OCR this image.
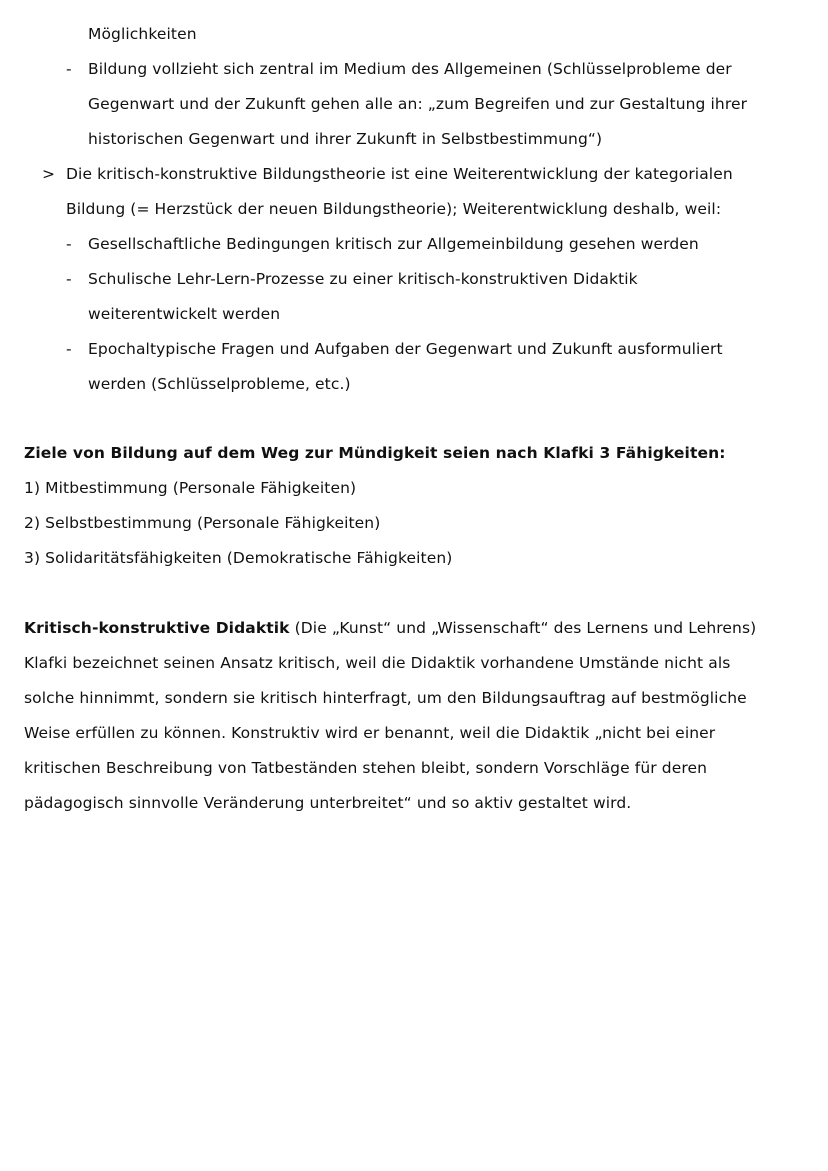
Möglichkeiten
- Bildung vollzieht sich zentral im Medium des Allgemeinen (Schlüsselprobleme der
Gegenwart und der Zukunft gehen alle an: „zum Begreifen und zur Gestaltung ihrer
historischen Gegenwart und ihrer Zukunft in Selbstbestimmung“)
> Die kritisch-konstruktive Bildungstheorie ist eine Weiterentwicklung der kategorialen
Bildung (= Herzstück der neuen Bildungstheorie); Weiterentwicklung deshalb, weil:
- Gesellschaftliche Bedingungen kritisch zur Allgemeinbildung gesehen werden
- Schulische Lehr-Lern-Prozesse zu einer kritisch-konstruktiven Didaktik
weiterentwickelt werden
- Epochaltypische Fragen und Aufgaben der Gegenwart und Zukunft ausformuliert
werden (Schlüsselprobleme, etc.)
Ziele von Bildung auf dem Weg zur Mündigkeit seien nach Klafki 3 Fähigkeiten:
1) Mitbestimmung (Personale Fähigkeiten)
2) Selbstbestimmung (Personale Fähigkeiten)
3) Solidaritätsfähigkeiten (Demokratische Fähigkeiten)
Kritisch-konstruktive Didaktik (Die „Kunst“ und „Wissenschaft“ des Lernens und Lehrens)
Klafki bezeichnet seinen Ansatz kritisch, weil die Didaktik vorhandene Umstände nicht als
solche hinnimmt, sondern sie kritisch hinterfragt, um den Bildungsauftrag auf bestmögliche
Weise erfüllen zu können. Konstruktiv wird er benannt, weil die Didaktik „nicht bei einer
kritischen Beschreibung von Tatbeständen stehen bleibt, sondern Vorschläge für deren
pädagogisch sinnvolle Veränderung unterbreitet“ und so aktiv gestaltet wird.
